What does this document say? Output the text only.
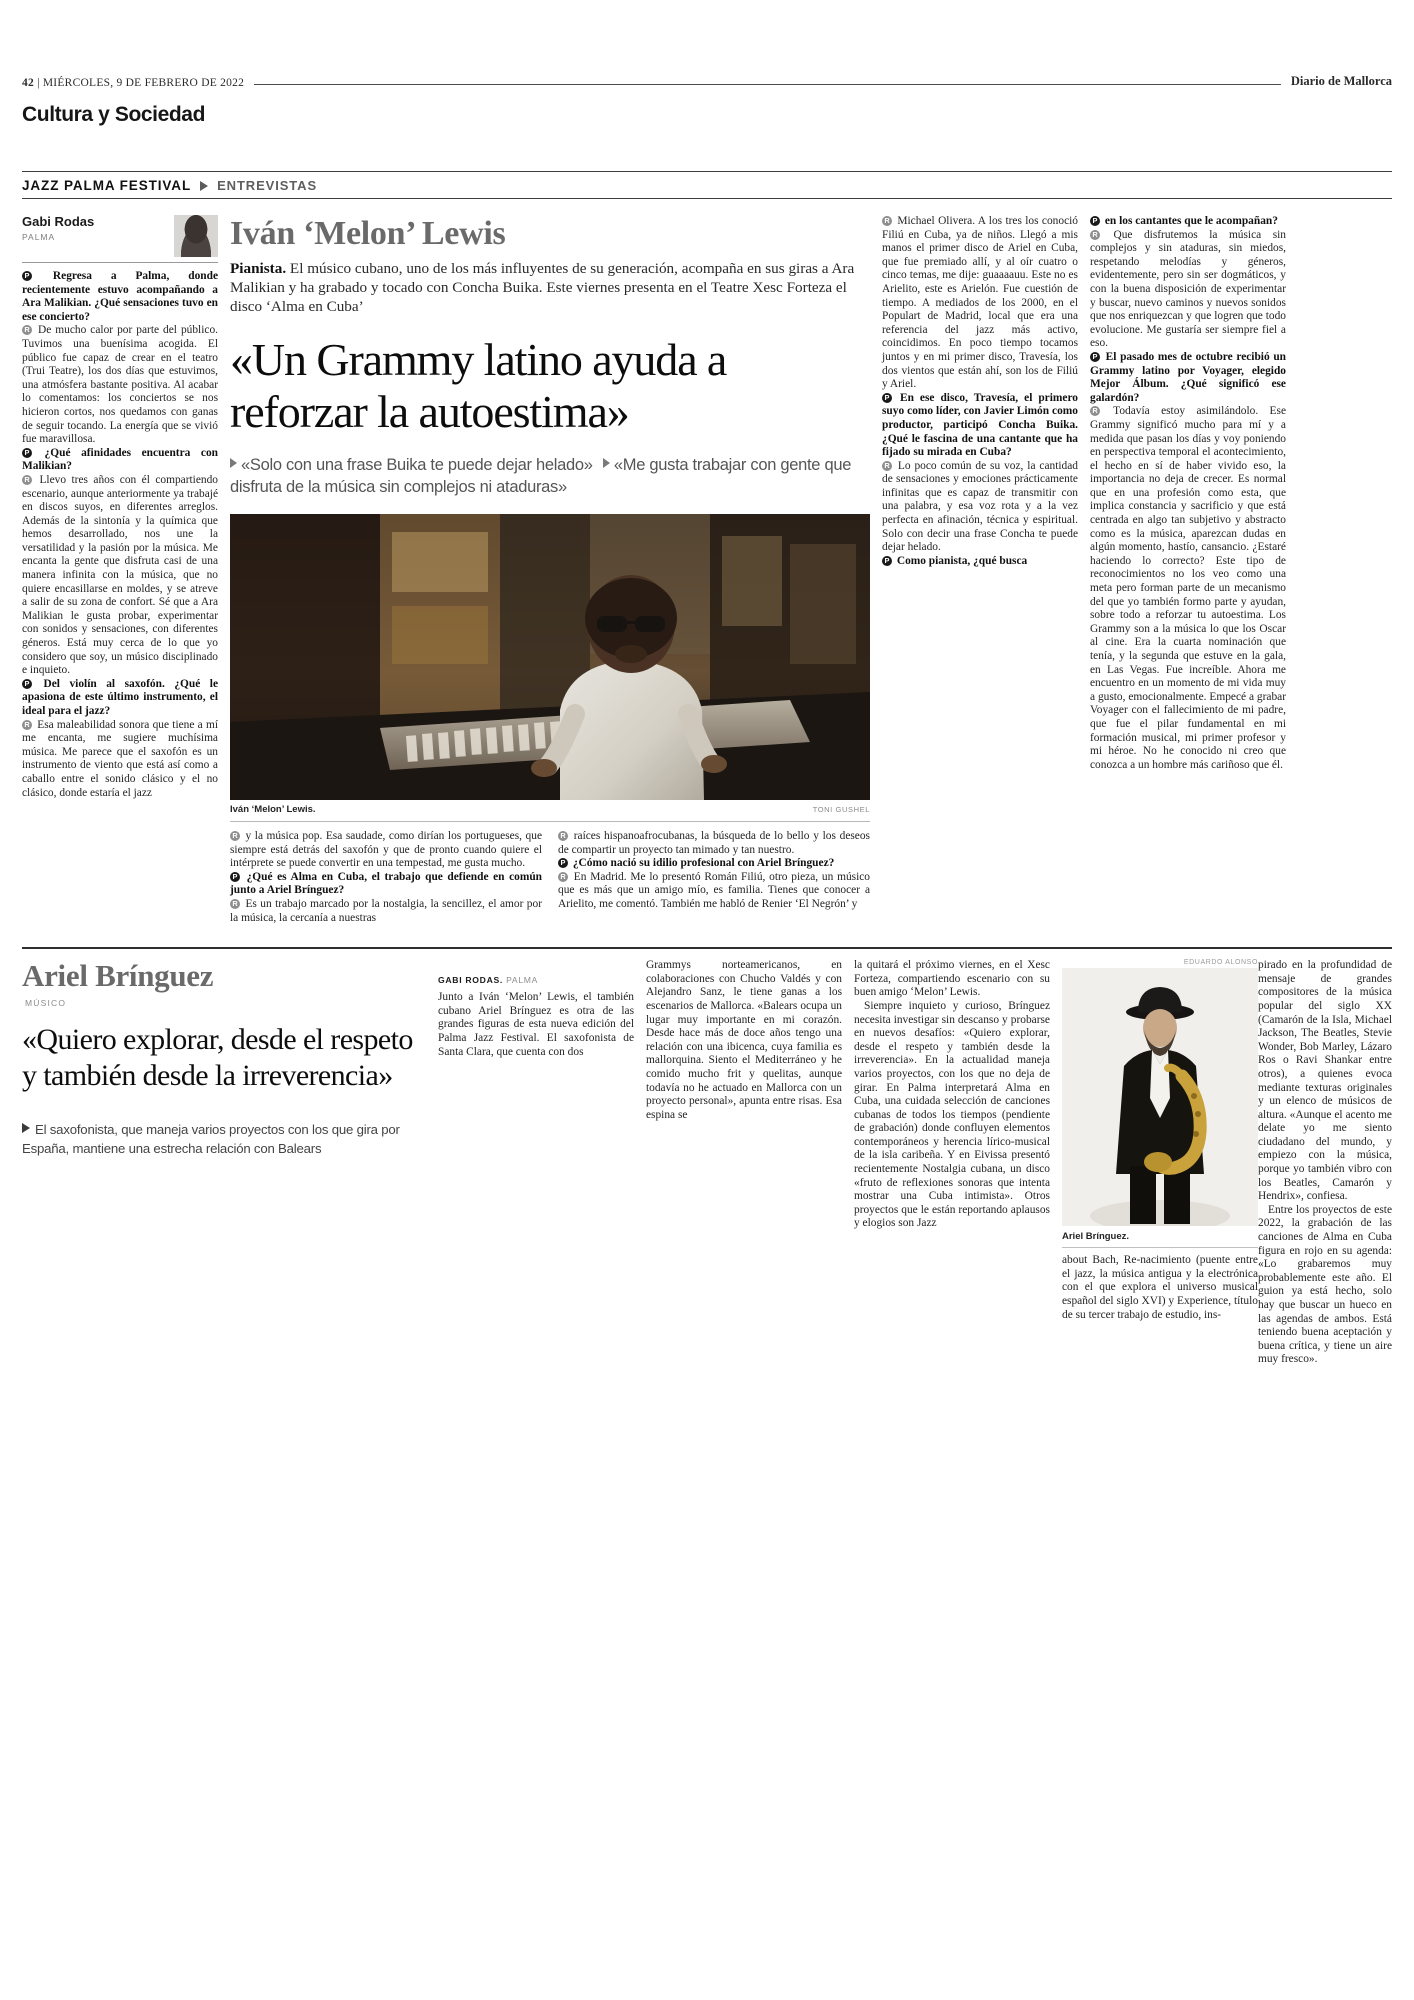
42 | MIÉRCOLES, 9 DE FEBRERO DE 2022	Diario de Mallorca
Cultura y Sociedad
JAZZ PALMA FESTIVAL ENTREVISTAS
Gabi Rodas
PALMA

P Regresa a Palma, donde recientemente estuvo acompañando a Ara Malikian. ¿Qué sensaciones tuvo en ese concierto?

R De mucho calor por parte del público. Tuvimos una buenísima acogida. El público fue capaz de crear en el teatro (Trui Teatre), los dos días que estuvimos, una atmósfera bastante positiva. Al acabar lo comentamos: los conciertos se nos hicieron cortos, nos quedamos con ganas de seguir tocando. La energía que se vivió fue maravillosa.

P ¿Qué afinidades encuentra con Malikian?

R Llevo tres años con él compartiendo escenario, aunque anteriormente ya trabajé en discos suyos, en diferentes arreglos. Además de la sintonía y la química que hemos desarrollado, nos une la versatilidad y la pasión por la música. Me encanta la gente que disfruta casi de una manera infinita con la música, que no quiere encasillarse en moldes, y se atreve a salir de su zona de confort. Sé que a Ara Malikian le gusta probar, experimentar con sonidos y sensaciones, con diferentes géneros. Está muy cerca de lo que yo considero que soy, un músico disciplinado e inquieto.

P Del violín al saxofón. ¿Qué le apasiona de este último instrumento, el ideal para el jazz?

R Esa maleabilidad sonora que tiene a mí me encanta, me sugiere muchísima música. Me parece que el saxofón es un instrumento de viento que está así como a caballo entre el sonido clásico y el no clásico, donde estaría el jazz

Iván ‘Melon’ Lewis
Pianista. El músico cubano, uno de los más influyentes de su generación, acompaña en sus giras a Ara Malikian y ha grabado y tocado con Concha Buika. Este viernes presenta en el Teatre Xesc Forteza el disco ‘Alma en Cuba’
«Un Grammy latino ayuda a reforzar la autoestima»
«Solo con una frase Buika te puede dejar helado» «Me gusta trabajar con gente que disfruta de la música sin complejos ni ataduras»
Iván ‘Melon’ Lewis.	TONI GUSHEL

R y la música pop. Esa saudade, como dirían los portugueses, que siempre está detrás del saxofón y que de pronto cuando quiere el intérprete se puede convertir en una tempestad, me gusta mucho.

P ¿Qué es Alma en Cuba, el trabajo que defiende en común junto a Ariel Brínguez?

R Es un trabajo marcado por la nostalgia, la sencillez, el amor por la música, la cercanía a nuestras

R raíces hispanoafrocubanas, la búsqueda de lo bello y los deseos de compartir un proyecto tan mimado y tan nuestro.

P ¿Cómo nació su idilio profesional con Ariel Brínguez?

R En Madrid. Me lo presentó Román Filiú, otro pieza, un músico que es más que un amigo mío, es familia. Tienes que conocer a Arielito, me comentó. También me habló de Renier ‘El Negrón’ y

R Michael Olivera. A los tres los conoció Filiú en Cuba, ya de niños. Llegó a mis manos el primer disco de Ariel en Cuba, que fue premiado allí, y al oír cuatro o cinco temas, me dije: guaaaauu. Este no es Arielito, este es Arielón. Fue cuestión de tiempo. A mediados de los 2000, en el Populart de Madrid, local que era una referencia del jazz más activo, coincidimos. En poco tiempo tocamos juntos y en mi primer disco, Travesía, los dos vientos que están ahí, son los de Filiú y Ariel.

P En ese disco, Travesía, el primero suyo como líder, con Javier Limón como productor, participó Concha Buika. ¿Qué le fascina de una cantante que ha fijado su mirada en Cuba?

R Lo poco común de su voz, la cantidad de sensaciones y emociones prácticamente infinitas que es capaz de transmitir con una palabra, y esa voz rota y a la vez perfecta en afinación, técnica y espiritual. Solo con decir una frase Concha te puede dejar helado.

P Como pianista, ¿qué busca

P en los cantantes que le acompañan?

R Que disfrutemos la música sin complejos y sin ataduras, sin miedos, respetando melodías y géneros, evidentemente, pero sin ser dogmáticos, y con la buena disposición de experimentar y buscar, nuevo caminos y nuevos sonidos que nos enriquezcan y que logren que todo evolucione. Me gustaría ser siempre fiel a eso.

P El pasado mes de octubre recibió un Grammy latino por Voyager, elegido Mejor Álbum. ¿Qué significó ese galardón?

R Todavía estoy asimilándolo. Ese Grammy significó mucho para mí y a medida que pasan los días y voy poniendo en perspectiva temporal el acontecimiento, el hecho en sí de haber vivido eso, la importancia no deja de crecer. Es normal que en una profesión como esta, que implica constancia y sacrificio y que está centrada en algo tan subjetivo y abstracto como es la música, aparezcan dudas en algún momento, hastío, cansancio. ¿Estaré haciendo lo correcto? Este tipo de reconocimientos no los veo como una meta pero forman parte de un mecanismo del que yo también formo parte y ayudan, sobre todo a reforzar tu autoestima. Los Grammy son a la música lo que los Oscar al cine. Era la cuarta nominación que tenía, y la segunda que estuve en la gala, en Las Vegas. Fue increíble. Ahora me encuentro en un momento de mi vida muy a gusto, emocionalmente. Empecé a grabar Voyager con el fallecimiento de mi padre, que fue el pilar fundamental en mi formación musical, mi primer profesor y mi héroe. No he conocido ni creo que conozca a un hombre más cariñoso que él.

Ariel Brínguez
MÚSICO
«Quiero explorar, desde el respeto y también desde la irreverencia»
El saxofonista, que maneja varios proyectos con los que gira por España, mantiene una estrecha relación con Balears
GABI RODAS. PALMA

Junto a Iván ‘Melon’ Lewis, el también cubano Ariel Brínguez es otra de las grandes figuras de esta nueva edición del Palma Jazz Festival. El saxofonista de Santa Clara, que cuenta con dos

Grammys norteamericanos, en colaboraciones con Chucho Valdés y con Alejandro Sanz, le tiene ganas a los escenarios de Mallorca. «Balears ocupa un lugar muy importante en mi corazón. Desde hace más de doce años tengo una relación con una ibicenca, cuya familia es mallorquina. Siento el Mediterráneo y he comido mucho frit y quelitas, aunque todavía no he actuado en Mallorca con un proyecto personal», apunta entre risas. Esa espina se

la quitará el próximo viernes, en el Xesc Forteza, compartiendo escenario con su buen amigo ‘Melon’ Lewis.

Siempre inquieto y curioso, Brínguez necesita investigar sin descanso y probarse en nuevos desafíos: «Quiero explorar, desde el respeto y también desde la irreverencia». En la actualidad maneja varios proyectos, con los que no deja de girar. En Palma interpretará Alma en Cuba, una cuidada selección de canciones cubanas de todos los tiempos (pendiente de grabación) donde confluyen elementos contemporáneos y herencia lírico-musical de la isla caribeña. Y en Eivissa presentó recientemente Nostalgia cubana, un disco «fruto de reflexiones sonoras que intenta mostrar una Cuba intimista». Otros proyectos que le están reportando aplausos y elogios son Jazz

EDUARDO ALONSO
Ariel Brínguez.

about Bach, Re-nacimiento (puente entre el jazz, la música antigua y la electrónica con el que explora el universo musical español del siglo XVI) y Experience, título de su tercer trabajo de estudio, ins-

pirado en la profundidad de mensaje de grandes compositores de la música popular del siglo XX (Camarón de la Isla, Michael Jackson, The Beatles, Stevie Wonder, Bob Marley, Lázaro Ros o Ravi Shankar entre otros), a quienes evoca mediante texturas originales y un elenco de músicos de altura. «Aunque el acento me delate yo me siento ciudadano del mundo, y empiezo con la música, porque yo también vibro con los Beatles, Camarón y Hendrix», confiesa.

Entre los proyectos de este 2022, la grabación de las canciones de Alma en Cuba figura en rojo en su agenda: «Lo grabaremos muy probablemente este año. El guion ya está hecho, solo hay que buscar un hueco en las agendas de ambos. Está teniendo buena aceptación y buena crítica, y tiene un aire muy fresco».
